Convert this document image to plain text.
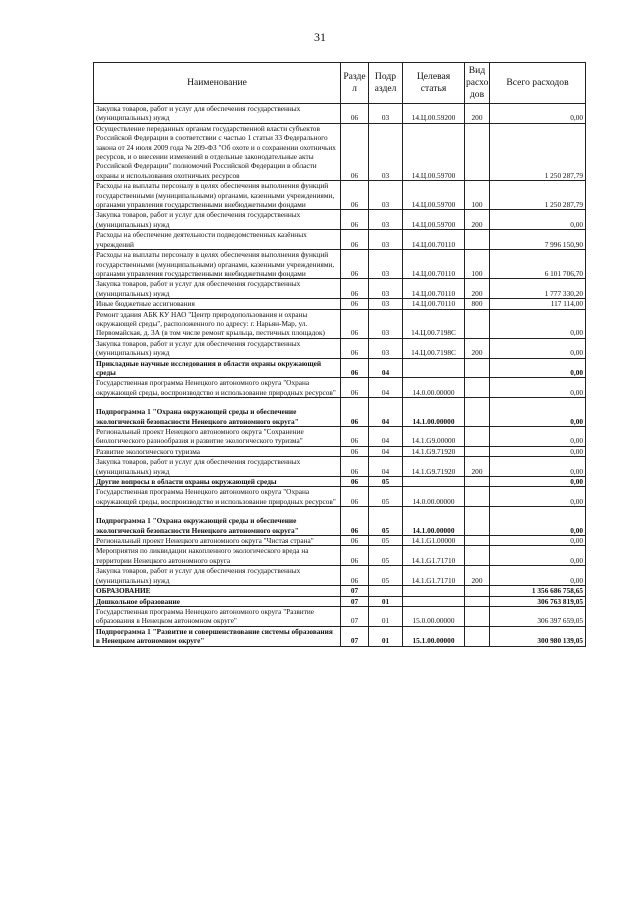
31
Наименование	Разде л	Подр аздел	Целевая статья	Вид расхо дов	Всего расходов
Закупка товаров, работ и услуг для обеспечения государственных (муниципальных) нужд	06	03	14.Ц.00.59200	200	0,00
Осуществление переданных органам государственной власти субъектов Российской Федерации в соответствии с частью 1 статьи 33 Федерального закона от 24 июля 2009 года № 209-ФЗ "Об охоте и о сохранении охотничьих ресурсов, и о внесении изменений в отдельные законодательные акты Российской Федерации" полномочий Российской Федерации в области охраны и использования охотничьих ресурсов	06	03	14.Ц.00.59700		1 250 287,79
Расходы на выплаты персоналу в целях обеспечения выполнения функций государственными (муниципальными) органами, казенными учреждениями, органами управления государственными внебюджетными фондами	06	03	14.Ц.00.59700	100	1 250 287,79
Закупка товаров, работ и услуг для обеспечения государственных (муниципальных) нужд	06	03	14.Ц.00.59700	200	0,00
Расходы на обеспечение деятельности подведомственных казённых учреждений	06	03	14.Ц.00.70110		7 996 150,90
Расходы на выплаты персоналу в целях обеспечения выполнения функций государственными (муниципальными) органами, казенными учреждениями, органами управления государственными внебюджетными фондами	06	03	14.Ц.00.70110	100	6 101 706,70
Закупка товаров, работ и услуг для обеспечения государственных (муниципальных) нужд	06	03	14.Ц.00.70110	200	1 777 330,20
Иные бюджетные ассигнования	06	03	14.Ц.00.70110	800	117 114,00
Ремонт здания АБК КУ НАО "Центр природопользования и охраны окружающей среды", расположенного по адресу: г. Нарьян-Мар, ул. Первомайская, д. 3А (в том числе ремонт крыльца, пестичных площадок)	06	03	14.Ц.00.7198С		0,00
Закупка товаров, работ и услуг для обеспечения государственных (муниципальных) нужд	06	03	14.Ц.00.7198С	200	0,00
Прикладные научные исследования в области охраны окружающей среды	06	04			0,00
Государственная программа Ненецкого автономного округа "Охрана окружающей среды, воспроизводство и использование природных ресурсов"	06	04	14.0.00.00000		0,00
Подпрограмма 1 "Охрана окружающей среды и обеспечение экологической безопасности Ненецкого автономного округа"	06	04	14.1.00.00000		0,00
Региональный проект Ненецкого автономного округа "Сохранение биологического разнообразия и развитие экологического туризма"	06	04	14.1.G9.00000		0,00
Развитие экологического туризма	06	04	14.1.G9.71920		0,00
Закупка товаров, работ и услуг для обеспечения государственных (муниципальных) нужд	06	04	14.1.G9.71920	200	0,00
Другие вопросы в области охраны окружающей среды	06	05			0,00
Государственная программа Ненецкого автономного округа "Охрана окружающей среды, воспроизводство и использование природных ресурсов"	06	05	14.0.00.00000		0,00
Подпрограмма 1 "Охрана окружающей среды и обеспечение экологической безопасности Ненецкого автономного округа"	06	05	14.1.00.00000		0,00
Региональный проект Ненецкого автономного округа "Чистая страна"	06	05	14.1.G1.00000		0,00
Мероприятия по ликвидации накопленного экологического вреда на территории Ненецкого автономного округа	06	05	14.1.G1.71710		0,00
Закупка товаров, работ и услуг для обеспечения государственных (муниципальных) нужд	06	05	14.1.G1.71710	200	0,00
ОБРАЗОВАНИЕ	07				1 356 686 758,65
Дошкольное образование	07	01			306 763 819,05
Государственная программа Ненецкого автономного округа "Развитие образования в Ненецком автономном округе"	07	01	15.0.00.00000		306 397 659,05
Подпрограмма 1 "Развитие и совершенствование системы образования в Ненецком автономном округе"	07	01	15.1.00.00000		300 980 139,05
